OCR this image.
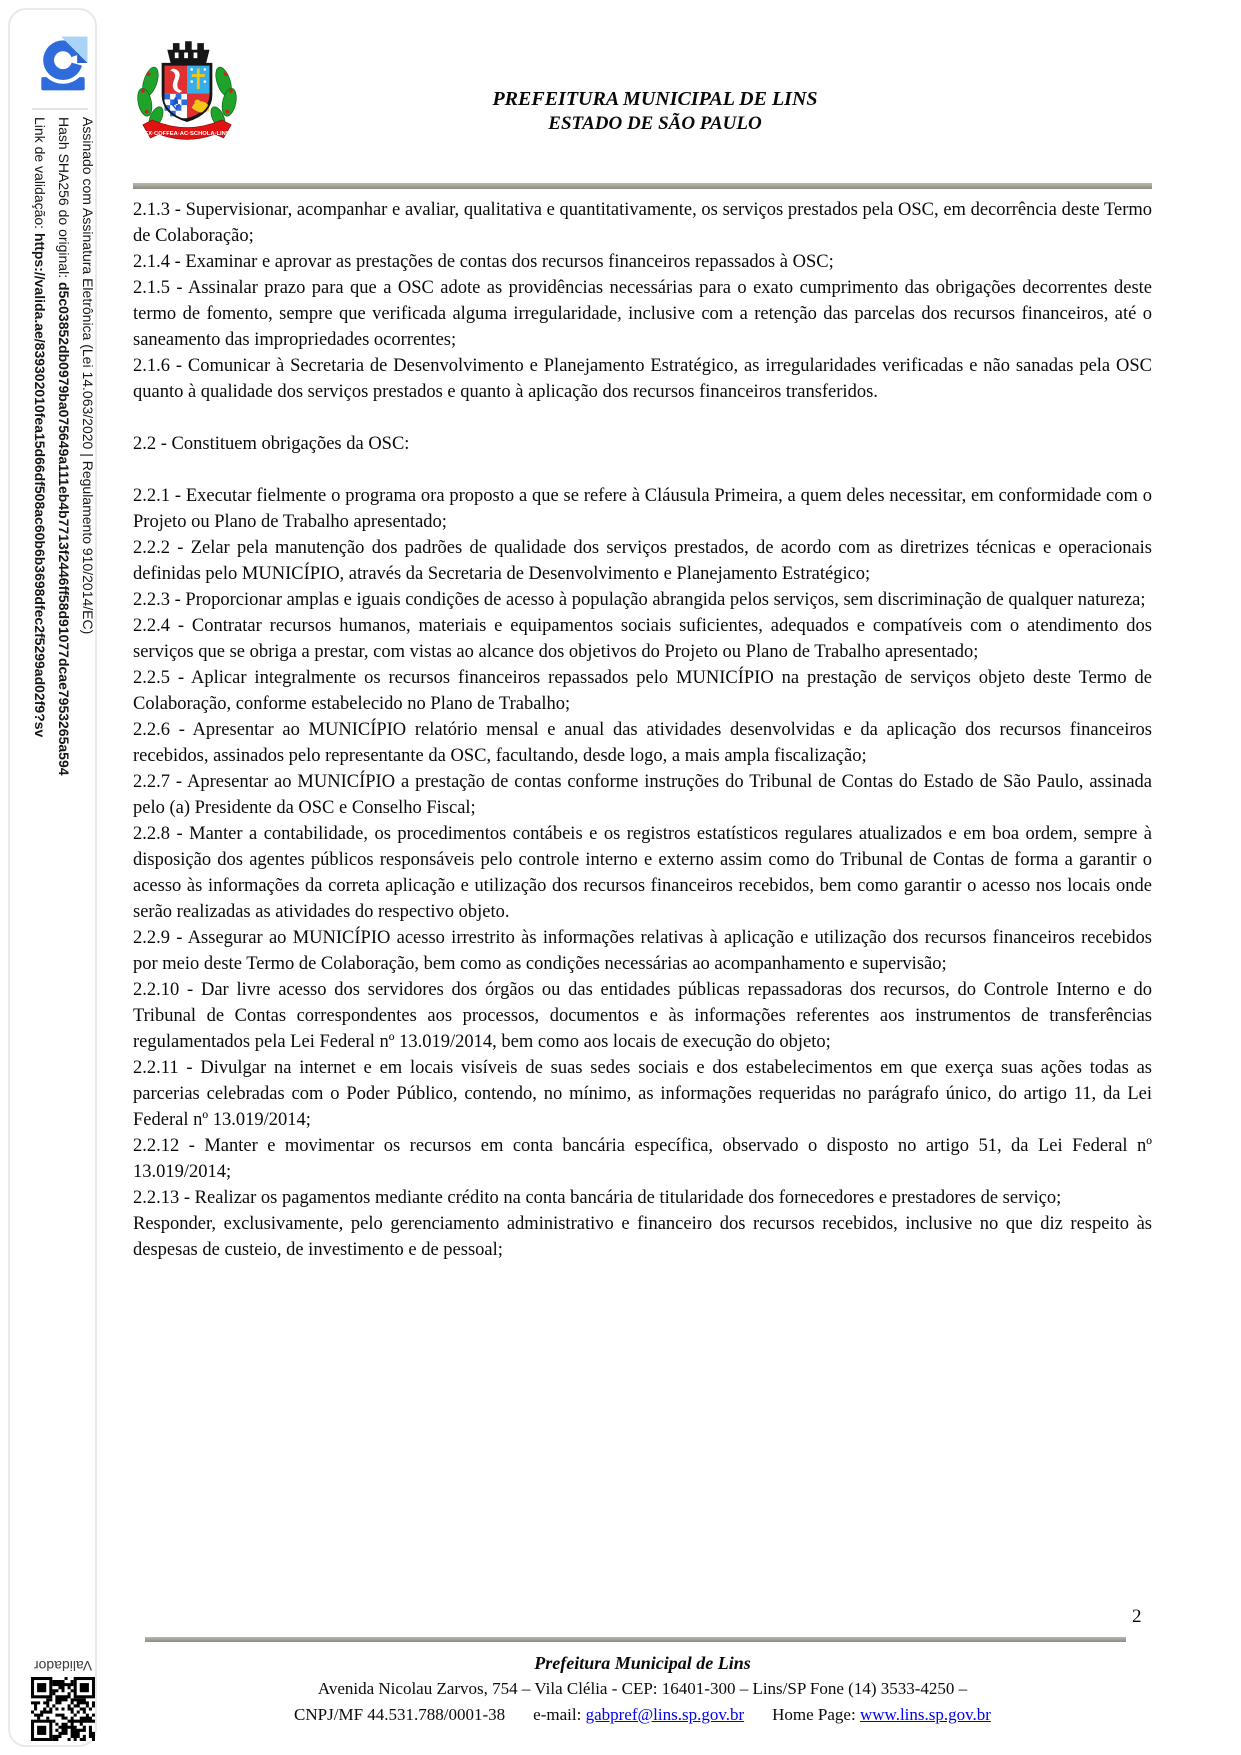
Assinado com Assinatura Eletrônica (Lei 14.063/2020 | Regulamento 910/2014/EC)

Hash SHA256 do original: d5c03852db0979ba075649a111eb4b7713f2446ff58d91077dcae7953265a594

Link de validação: https://valida.ae/839302010fea15d66df508ac60b6b3698dfec2f5299ad02f9?sv

Validador
EX·COFFEA·AC·SCHOLA·LINS
PREFEITURA MUNICIPAL DE LINS
ESTADO DE SÃO PAULO

2.1.3 - Supervisionar, acompanhar e avaliar, qualitativa e quantitativamente, os serviços prestados pela OSC, em decorrência deste Termo de Colaboração;

2.1.4 - Examinar e aprovar as prestações de contas dos recursos financeiros repassados à OSC;

2.1.5 - Assinalar prazo para que a OSC adote as providências necessárias para o exato cumprimento das obrigações decorrentes deste termo de fomento, sempre que verificada alguma irregularidade, inclusive com a retenção das parcelas dos recursos financeiros, até o saneamento das impropriedades ocorrentes;

2.1.6 - Comunicar à Secretaria de Desenvolvimento e Planejamento Estratégico, as irregularidades verificadas e não sanadas pela OSC quanto à qualidade dos serviços prestados e quanto à aplicação dos recursos financeiros transferidos.

2.2 - Constituem obrigações da OSC:

2.2.1 - Executar fielmente o programa ora proposto a que se refere à Cláusula Primeira, a quem deles necessitar, em conformidade com o Projeto ou Plano de Trabalho apresentado;

2.2.2 - Zelar pela manutenção dos padrões de qualidade dos serviços prestados, de acordo com as diretrizes técnicas e operacionais definidas pelo MUNICÍPIO, através da Secretaria de Desenvolvimento e Planejamento Estratégico;

2.2.3 - Proporcionar amplas e iguais condições de acesso à população abrangida pelos serviços, sem discriminação de qualquer natureza;

2.2.4 - Contratar recursos humanos, materiais e equipamentos sociais suficientes, adequados e compatíveis com o atendimento dos serviços que se obriga a prestar, com vistas ao alcance dos objetivos do Projeto ou Plano de Trabalho apresentado;

2.2.5 - Aplicar integralmente os recursos financeiros repassados pelo MUNICÍPIO na prestação de serviços objeto deste Termo de Colaboração, conforme estabelecido no Plano de Trabalho;

2.2.6 - Apresentar ao MUNICÍPIO relatório mensal e anual das atividades desenvolvidas e da aplicação dos recursos financeiros recebidos, assinados pelo representante da OSC, facultando, desde logo, a mais ampla fiscalização;

2.2.7 - Apresentar ao MUNICÍPIO a prestação de contas conforme instruções do Tribunal de Contas do Estado de São Paulo, assinada pelo (a) Presidente da OSC e Conselho Fiscal;

2.2.8 - Manter a contabilidade, os procedimentos contábeis e os registros estatísticos regulares atualizados e em boa ordem, sempre à disposição dos agentes públicos responsáveis pelo controle interno e externo assim como do Tribunal de Contas de forma a garantir o acesso às informações da correta aplicação e utilização dos recursos financeiros recebidos, bem como garantir o acesso nos locais onde serão realizadas as atividades do respectivo objeto.

2.2.9 - Assegurar ao MUNICÍPIO acesso irrestrito às informações relativas à aplicação e utilização dos recursos financeiros recebidos por meio deste Termo de Colaboração, bem como as condições necessárias ao acompanhamento e supervisão;

2.2.10 - Dar livre acesso dos servidores dos órgãos ou das entidades públicas repassadoras dos recursos, do Controle Interno e do Tribunal de Contas correspondentes aos processos, documentos e às informações referentes aos instrumentos de transferências regulamentados pela Lei Federal nº 13.019/2014, bem como aos locais de execução do objeto;

2.2.11 - Divulgar na internet e em locais visíveis de suas sedes sociais e dos estabelecimentos em que exerça suas ações todas as parcerias celebradas com o Poder Público, contendo, no mínimo, as informações requeridas no parágrafo único, do artigo 11, da Lei Federal nº 13.019/2014;

2.2.12 - Manter e movimentar os recursos em conta bancária específica, observado o disposto no artigo 51, da Lei Federal nº 13.019/2014;

2.2.13 - Realizar os pagamentos mediante crédito na conta bancária de titularidade dos fornecedores e prestadores de serviço;

Responder, exclusivamente, pelo gerenciamento administrativo e financeiro dos recursos recebidos, inclusive no que diz respeito às despesas de custeio, de investimento e de pessoal;

2
Prefeitura Municipal de Lins
Avenida Nicolau Zarvos, 754 – Vila Clélia - CEP: 16401-300 – Lins/SP Fone (14) 3533-4250 –
CNPJ/MF 44.531.788/0001-38 e-mail: gabpref@lins.sp.gov.br Home Page: www.lins.sp.gov.br
